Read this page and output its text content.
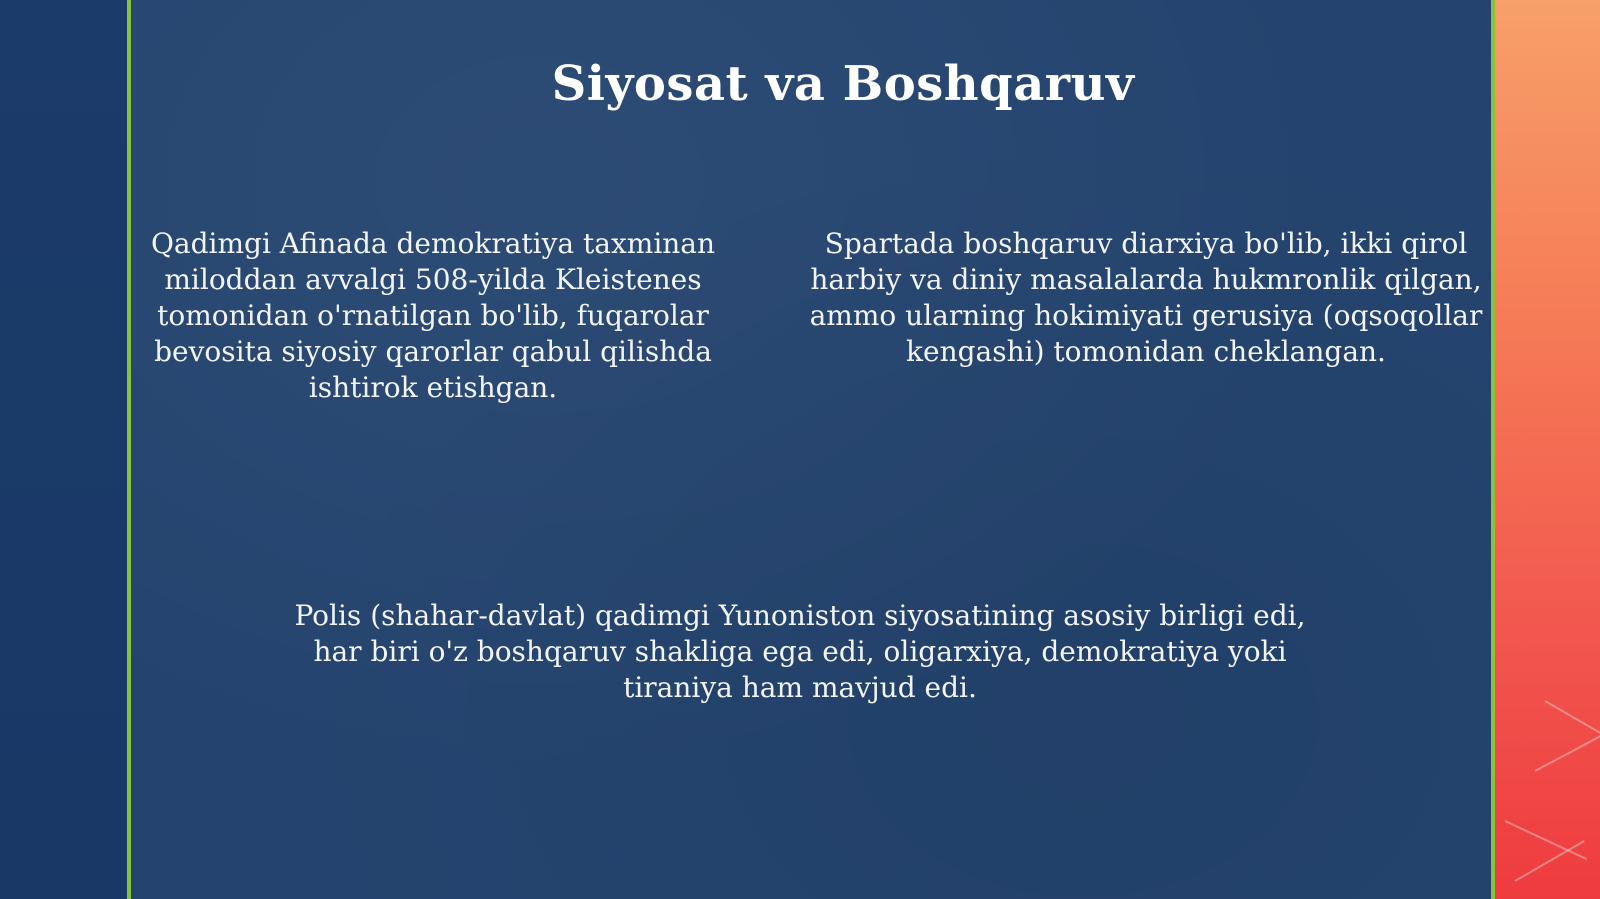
Siyosat va Boshqaruv
Qadimgi Afinada demokratiya taxminan miloddan avvalgi 508-yilda Kleistenes tomonidan o'rnatilgan bo'lib, fuqarolar bevosita siyosiy qarorlar qabul qilishda ishtirok etishgan.
Spartada boshqaruv diarxiya bo'lib, ikki qirol harbiy va diniy masalalarda hukmronlik qilgan, ammo ularning hokimiyati gerusiya (oqsoqollar kengashi) tomonidan cheklangan.
Polis (shahar-davlat) qadimgi Yunoniston siyosatining asosiy birligi edi, har biri o'z boshqaruv shakliga ega edi, oligarxiya, demokratiya yoki tiraniya ham mavjud edi.
